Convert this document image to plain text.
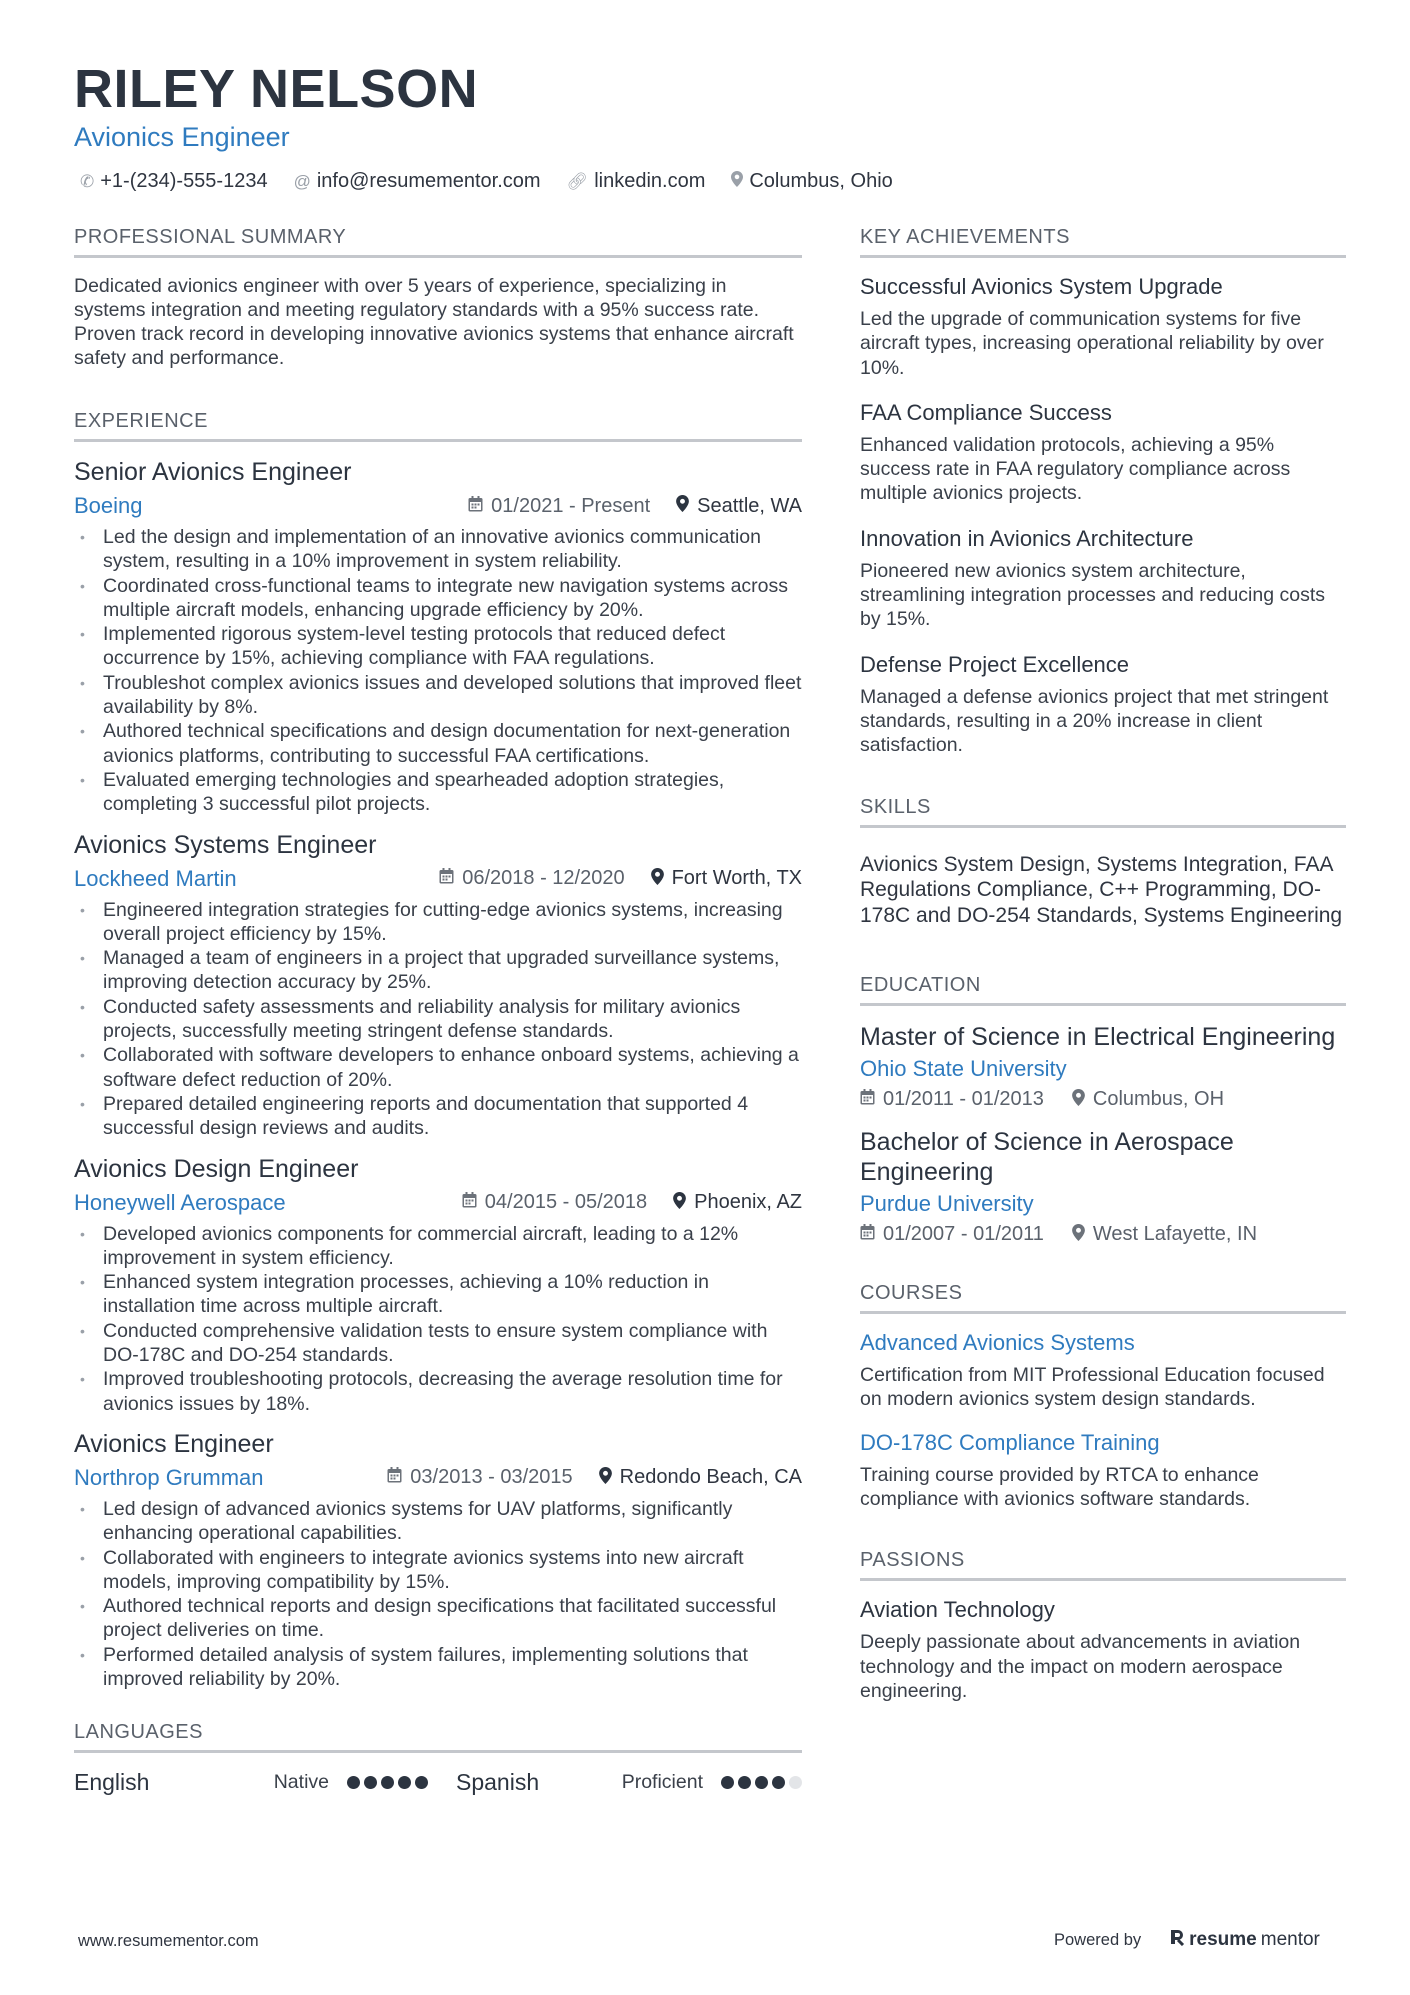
RILEY NELSON
Avionics Engineer
✆ +1-(234)-555-1234 @ info@resumementor.com 🔗︎ linkedin.com Columbus, Ohio
PROFESSIONAL SUMMARY
Dedicated avionics engineer with over 5 years of experience, specializing in systems integration and meeting regulatory standards with a 95% success rate. Proven track record in developing innovative avionics systems that enhance aircraft safety and performance.
EXPERIENCE
Senior Avionics Engineer
Boeing	01/2021 - Present Seattle, WA
• Led the design and implementation of an innovative avionics communication system, resulting in a 10% improvement in system reliability.
• Coordinated cross-functional teams to integrate new navigation systems across multiple aircraft models, enhancing upgrade efficiency by 20%.
• Implemented rigorous system-level testing protocols that reduced defect occurrence by 15%, achieving compliance with FAA regulations.
• Troubleshot complex avionics issues and developed solutions that improved fleet availability by 8%.
• Authored technical specifications and design documentation for next-generation avionics platforms, contributing to successful FAA certifications.
• Evaluated emerging technologies and spearheaded adoption strategies, completing 3 successful pilot projects.
Avionics Systems Engineer
Lockheed Martin	06/2018 - 12/2020 Fort Worth, TX
• Engineered integration strategies for cutting-edge avionics systems, increasing overall project efficiency by 15%.
• Managed a team of engineers in a project that upgraded surveillance systems, improving detection accuracy by 25%.
• Conducted safety assessments and reliability analysis for military avionics projects, successfully meeting stringent defense standards.
• Collaborated with software developers to enhance onboard systems, achieving a software defect reduction of 20%.
• Prepared detailed engineering reports and documentation that supported 4 successful design reviews and audits.
Avionics Design Engineer
Honeywell Aerospace	04/2015 - 05/2018 Phoenix, AZ
• Developed avionics components for commercial aircraft, leading to a 12% improvement in system efficiency.
• Enhanced system integration processes, achieving a 10% reduction in installation time across multiple aircraft.
• Conducted comprehensive validation tests to ensure system compliance with DO-178C and DO-254 standards.
• Improved troubleshooting protocols, decreasing the average resolution time for avionics issues by 18%.
Avionics Engineer
Northrop Grumman	03/2013 - 03/2015 Redondo Beach, CA
• Led design of advanced avionics systems for UAV platforms, significantly enhancing operational capabilities.
• Collaborated with engineers to integrate avionics systems into new aircraft models, improving compatibility by 15%.
• Authored technical reports and design specifications that facilitated successful project deliveries on time.
• Performed detailed analysis of system failures, implementing solutions that improved reliability by 20%.
LANGUAGES
English	Native	Spanish	Proficient
KEY ACHIEVEMENTS
Successful Avionics System Upgrade
Led the upgrade of communication systems for five aircraft types, increasing operational reliability by over 10%.
FAA Compliance Success
Enhanced validation protocols, achieving a 95% success rate in FAA regulatory compliance across multiple avionics projects.
Innovation in Avionics Architecture
Pioneered new avionics system architecture, streamlining integration processes and reducing costs by 15%.
Defense Project Excellence
Managed a defense avionics project that met stringent standards, resulting in a 20% increase in client satisfaction.
SKILLS
Avionics System Design, Systems Integration, FAA Regulations Compliance, C++ Programming, DO-178C and DO-254 Standards, Systems Engineering
EDUCATION
Master of Science in Electrical Engineering
Ohio State University
01/2011 - 01/2013 Columbus, OH
Bachelor of Science in Aerospace Engineering
Purdue University
01/2007 - 01/2011 West Lafayette, IN
COURSES
Advanced Avionics Systems
Certification from MIT Professional Education focused on modern avionics system design standards.
DO-178C Compliance Training
Training course provided by RTCA to enhance compliance with avionics software standards.
PASSIONS
Aviation Technology
Deeply passionate about advancements in aviation technology and the impact on modern aerospace engineering.
www.resumementor.com	Powered by	resume mentor
